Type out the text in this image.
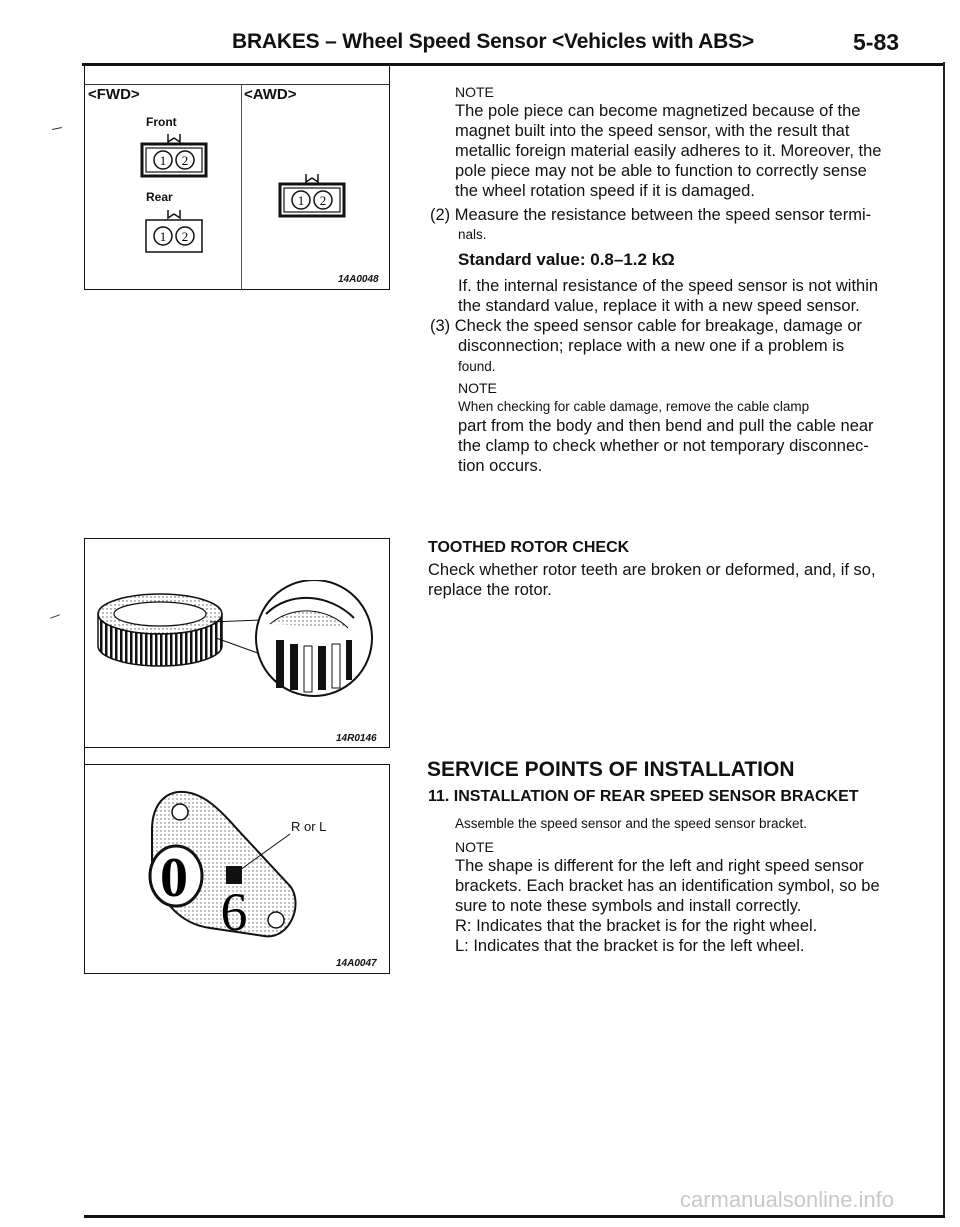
BRAKES – Wheel Speed Sensor <Vehicles with ABS>	5-83
<FWD>	<AWD>
Front
Rear
1 2
1 2
1 2
14A0048
14R0146
0
6
R or L
14A0047
NOTE
The pole piece can become magnetized because of the
magnet built into the speed sensor, with the result that
metallic foreign material easily adheres to it. Moreover, the
pole piece may not be able to function to correctly sense
the wheel rotation speed if it is damaged.
(2) Measure the resistance between the speed sensor termi-
nals.
Standard value: 0.8–1.2 kΩ
If. the internal resistance of the speed sensor is not within
the standard value, replace it with a new speed sensor.
(3) Check the speed sensor cable for breakage, damage or
disconnection; replace with a new one if a problem is
found.
NOTE
When checking for cable damage, remove the cable clamp
part from the body and then bend and pull the cable near
the clamp to check whether or not temporary disconnec-
tion occurs.
TOOTHED ROTOR CHECK
Check whether rotor teeth are broken or deformed, and, if so,
replace the rotor.
SERVICE POINTS OF INSTALLATION
11. INSTALLATION OF REAR SPEED SENSOR BRACKET
Assemble the speed sensor and the speed sensor bracket.
NOTE
The shape is different for the left and right speed sensor
brackets. Each bracket has an identification symbol, so be
sure to note these symbols and install correctly.
R: Indicates that the bracket is for the right wheel.
L: Indicates that the bracket is for the left wheel.
carmanualsonline.info
